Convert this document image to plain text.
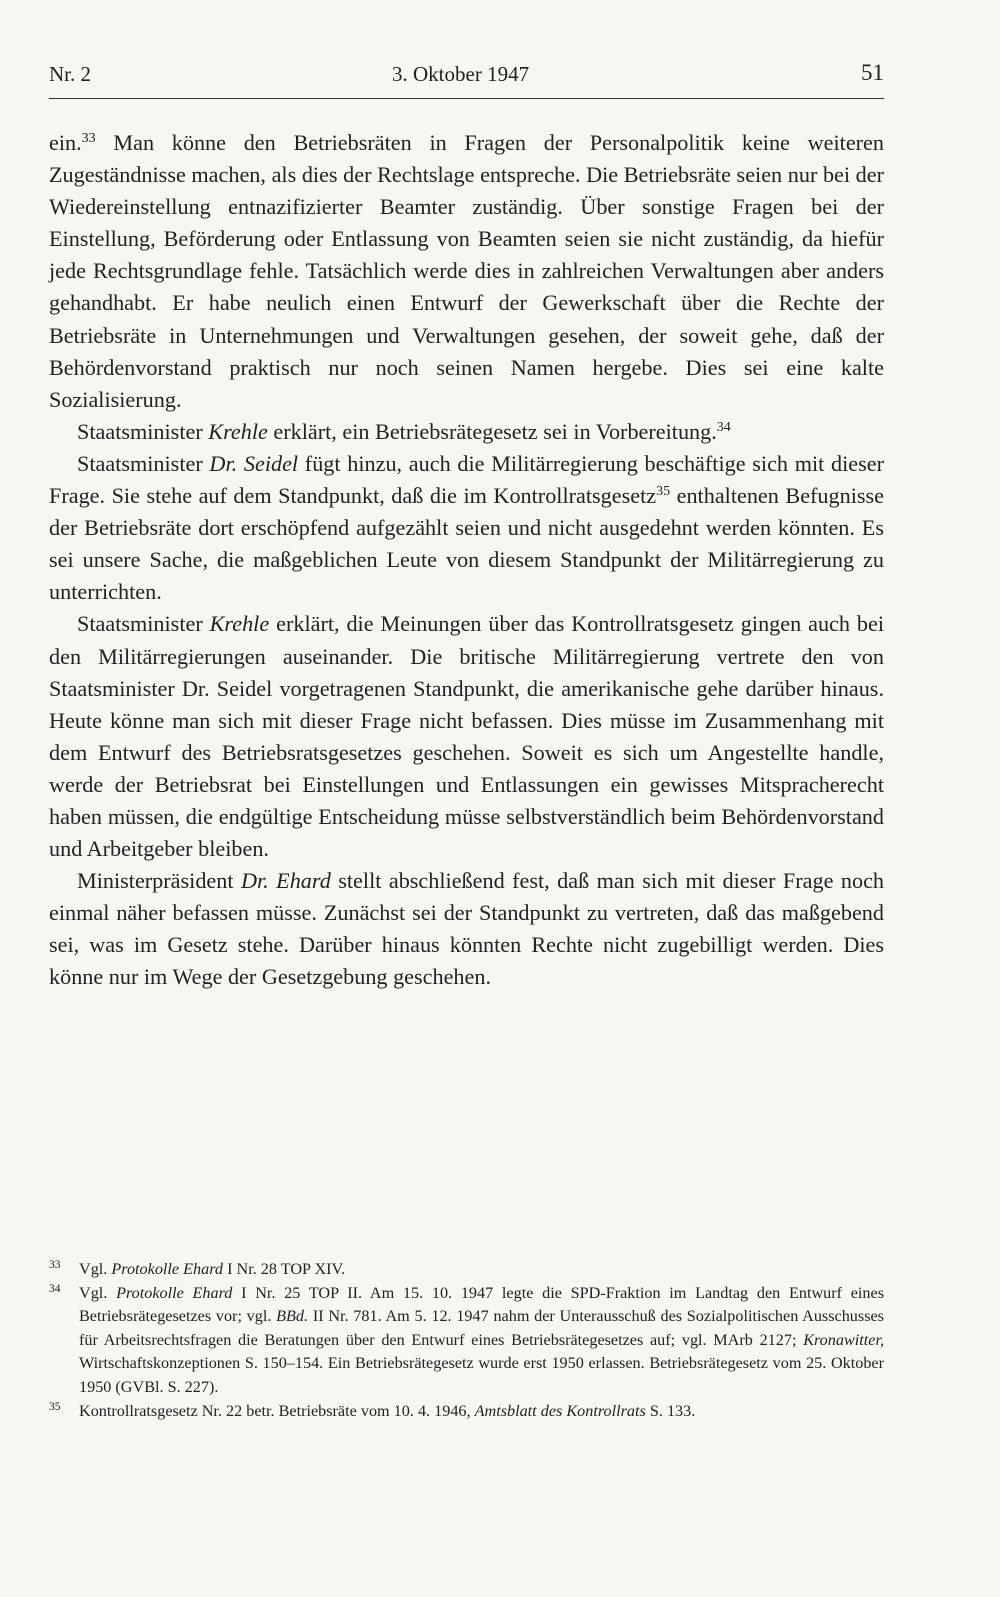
Nr. 2	3. Oktober 1947	51

ein.$^{33}$ Man könne den Betriebsräten in Fragen der Personalpolitik keine weiteren Zugeständnisse machen, als dies der Rechtslage entspreche. Die Betriebsräte seien nur bei der Wiedereinstellung entnazifizierter Beamter zuständig. Über sonstige Fragen bei der Einstellung, Beförderung oder Entlassung von Beamten seien sie nicht zuständig, da hiefür jede Rechtsgrundlage fehle. Tatsächlich werde dies in zahlreichen Verwaltungen aber anders gehandhabt. Er habe neulich einen Entwurf der Gewerkschaft über die Rechte der Betriebsräte in Unternehmungen und Verwaltungen gesehen, der soweit gehe, daß der Behördenvorstand praktisch nur noch seinen Namen hergebe. Dies sei eine kalte Sozialisierung.

Staatsminister Krehle erklärt, ein Betriebsrätegesetz sei in Vorbereitung.$^{34}$

Staatsminister Dr. Seidel fügt hinzu, auch die Militärregierung beschäftige sich mit dieser Frage. Sie stehe auf dem Standpunkt, daß die im Kontrollratsgesetz$^{35}$ enthaltenen Befugnisse der Betriebsräte dort erschöpfend aufgezählt seien und nicht ausgedehnt werden könnten. Es sei unsere Sache, die maßgeblichen Leute von diesem Standpunkt der Militärregierung zu unterrichten.

Staatsminister Krehle erklärt, die Meinungen über das Kontrollratsgesetz gingen auch bei den Militärregierungen auseinander. Die britische Militärregierung vertrete den von Staatsminister Dr. Seidel vorgetragenen Standpunkt, die amerikanische gehe darüber hinaus. Heute könne man sich mit dieser Frage nicht befassen. Dies müsse im Zusammenhang mit dem Entwurf des Betriebsratsgesetzes geschehen. Soweit es sich um Angestellte handle, werde der Betriebsrat bei Einstellungen und Entlassungen ein gewisses Mitspracherecht haben müssen, die endgültige Entscheidung müsse selbstverständlich beim Behördenvorstand und Arbeitgeber bleiben.

Ministerpräsident Dr. Ehard stellt abschließend fest, daß man sich mit dieser Frage noch einmal näher befassen müsse. Zunächst sei der Standpunkt zu vertreten, daß das maßgebend sei, was im Gesetz stehe. Darüber hinaus könnten Rechte nicht zugebilligt werden. Dies könne nur im Wege der Gesetzgebung geschehen.

33 Vgl. Protokolle Ehard I Nr. 28 TOP XIV.

34 Vgl. Protokolle Ehard I Nr. 25 TOP II. Am 15. 10. 1947 legte die SPD-Fraktion im Landtag den Entwurf eines Betriebsrätegesetzes vor; vgl. BBd. II Nr. 781. Am 5. 12. 1947 nahm der Unterausschuß des Sozialpolitischen Ausschusses für Arbeitsrechtsfragen die Beratungen über den Entwurf eines Betriebsrätegesetzes auf; vgl. MArb 2127; Kronawitter, Wirtschaftskonzeptionen S. 150–154. Ein Betriebsrätegesetz wurde erst 1950 erlassen. Betriebsrätegesetz vom 25. Oktober 1950 (GVBl. S. 227).

35 Kontrollratsgesetz Nr. 22 betr. Betriebsräte vom 10. 4. 1946, Amtsblatt des Kontrollrats S. 133.
